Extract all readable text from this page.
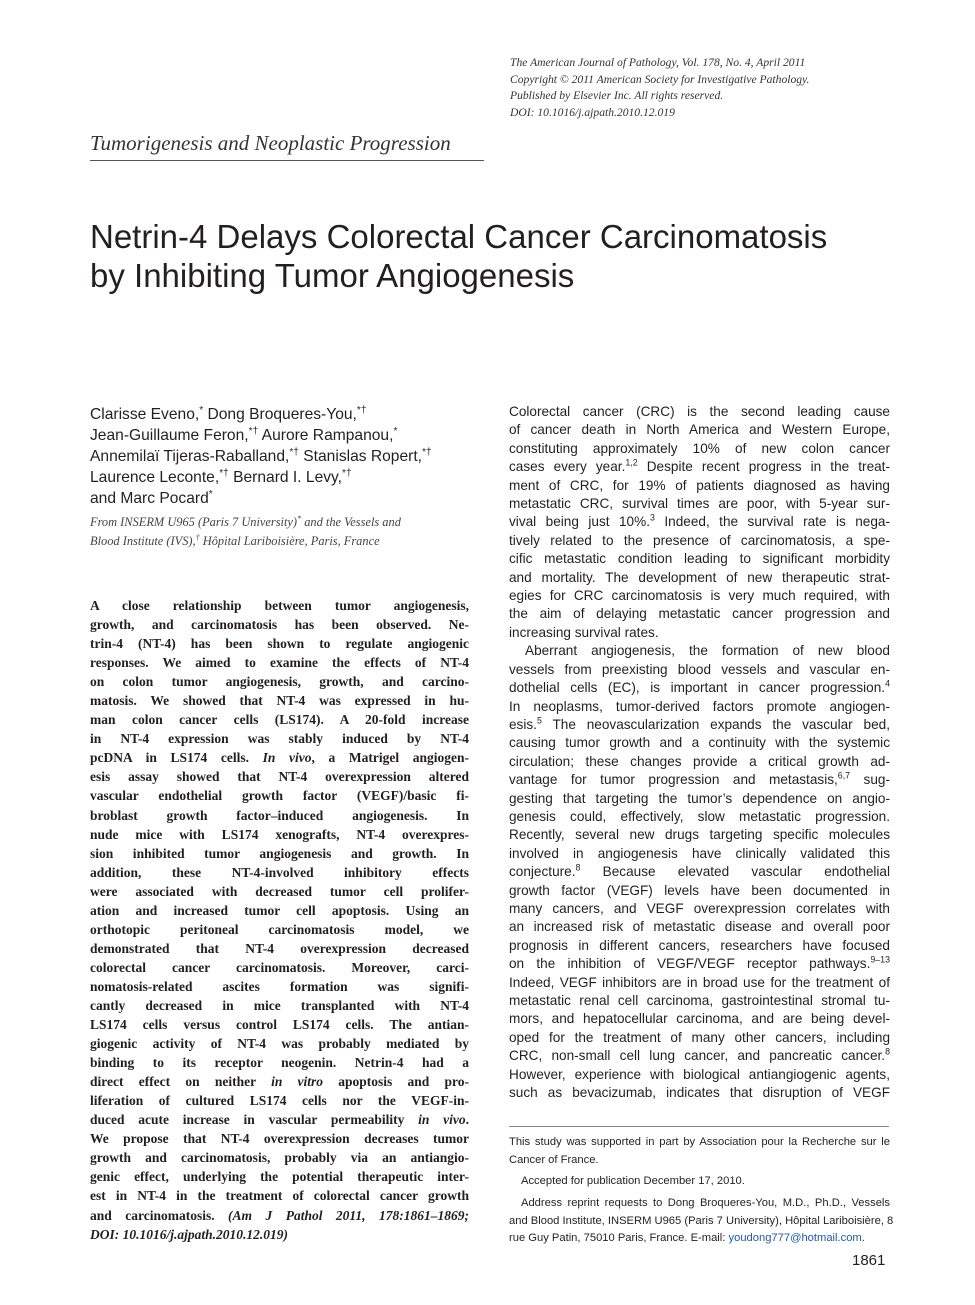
The American Journal of Pathology, Vol. 178, No. 4, April 2011
Copyright © 2011 American Society for Investigative Pathology.
Published by Elsevier Inc. All rights reserved.
DOI: 10.1016/j.ajpath.2010.12.019
Tumorigenesis and Neoplastic Progression
Netrin-4 Delays Colorectal Cancer Carcinomatosis
by Inhibiting Tumor Angiogenesis
Clarisse Eveno,* Dong Broqueres-You,*†
Jean-Guillaume Feron,*† Aurore Rampanou,*
Annemilaï Tijeras-Raballand,*† Stanislas Ropert,*†
Laurence Leconte,*† Bernard I. Levy,*†
and Marc Pocard*
From INSERM U965 (Paris 7 University)* and the Vessels and
Blood Institute (IVS),† Hôpital Lariboisière, Paris, France
A close relationship between tumor angiogenesis,
growth, and carcinomatosis has been observed. Ne-
trin-4 (NT-4) has been shown to regulate angiogenic
responses. We aimed to examine the effects of NT-4
on colon tumor angiogenesis, growth, and carcino-
matosis. We showed that NT-4 was expressed in hu-
man colon cancer cells (LS174). A 20-fold increase
in NT-4 expression was stably induced by NT-4
pcDNA in LS174 cells. In vivo, a Matrigel angiogen-
esis assay showed that NT-4 overexpression altered
vascular endothelial growth factor (VEGF)/basic fi-
broblast growth factor–induced angiogenesis. In
nude mice with LS174 xenografts, NT-4 overexpres-
sion inhibited tumor angiogenesis and growth. In
addition, these NT-4-involved inhibitory effects
were associated with decreased tumor cell prolifer-
ation and increased tumor cell apoptosis. Using an
orthotopic peritoneal carcinomatosis model, we
demonstrated that NT-4 overexpression decreased
colorectal cancer carcinomatosis. Moreover, carci-
nomatosis-related ascites formation was signifi-
cantly decreased in mice transplanted with NT-4
LS174 cells versus control LS174 cells. The antian-
giogenic activity of NT-4 was probably mediated by
binding to its receptor neogenin. Netrin-4 had a
direct effect on neither in vitro apoptosis and pro-
liferation of cultured LS174 cells nor the VEGF-in-
duced acute increase in vascular permeability in vivo.
We propose that NT-4 overexpression decreases tumor
growth and carcinomatosis, probably via an antiangio-
genic effect, underlying the potential therapeutic inter-
est in NT-4 in the treatment of colorectal cancer growth
and carcinomatosis. (Am J Pathol 2011, 178:1861–1869;
DOI: 10.1016/j.ajpath.2010.12.019)
Colorectal cancer (CRC) is the second leading cause
of cancer death in North America and Western Europe,
constituting approximately 10% of new colon cancer
cases every year.$^{1,2}$ Despite recent progress in the treat-
ment of CRC, for 19% of patients diagnosed as having
metastatic CRC, survival times are poor, with 5-year sur-
vival being just 10%.$^3$ Indeed, the survival rate is nega-
tively related to the presence of carcinomatosis, a spe-
cific metastatic condition leading to significant morbidity
and mortality. The development of new therapeutic strat-
egies for CRC carcinomatosis is very much required, with
the aim of delaying metastatic cancer progression and
increasing survival rates.
Aberrant angiogenesis, the formation of new blood
vessels from preexisting blood vessels and vascular en-
dothelial cells (EC), is important in cancer progression.$^4$
In neoplasms, tumor-derived factors promote angiogen-
esis.$^5$ The neovascularization expands the vascular bed,
causing tumor growth and a continuity with the systemic
circulation; these changes provide a critical growth ad-
vantage for tumor progression and metastasis,$^{6,7}$ sug-
gesting that targeting the tumor’s dependence on angio-
genesis could, effectively, slow metastatic progression.
Recently, several new drugs targeting specific molecules
involved in angiogenesis have clinically validated this
conjecture.$^8$ Because elevated vascular endothelial
growth factor (VEGF) levels have been documented in
many cancers, and VEGF overexpression correlates with
an increased risk of metastatic disease and overall poor
prognosis in different cancers, researchers have focused
on the inhibition of VEGF/VEGF receptor pathways.$^{9-13}$
Indeed, VEGF inhibitors are in broad use for the treatment of
metastatic renal cell carcinoma, gastrointestinal stromal tu-
mors, and hepatocellular carcinoma, and are being devel-
oped for the treatment of many other cancers, including
CRC, non-small cell lung cancer, and pancreatic cancer.$^8$
However, experience with biological antiangiogenic agents,
such as bevacizumab, indicates that disruption of VEGF
This study was supported in part by Association pour la Recherche sur le
Cancer of France.
Accepted for publication December 17, 2010.
Address reprint requests to Dong Broqueres-You, M.D., Ph.D., Vessels
and Blood Institute, INSERM U965 (Paris 7 University), Hôpital Lariboisière, 8
rue Guy Patin, 75010 Paris, France. E-mail: youdong777@hotmail.com.
1861
